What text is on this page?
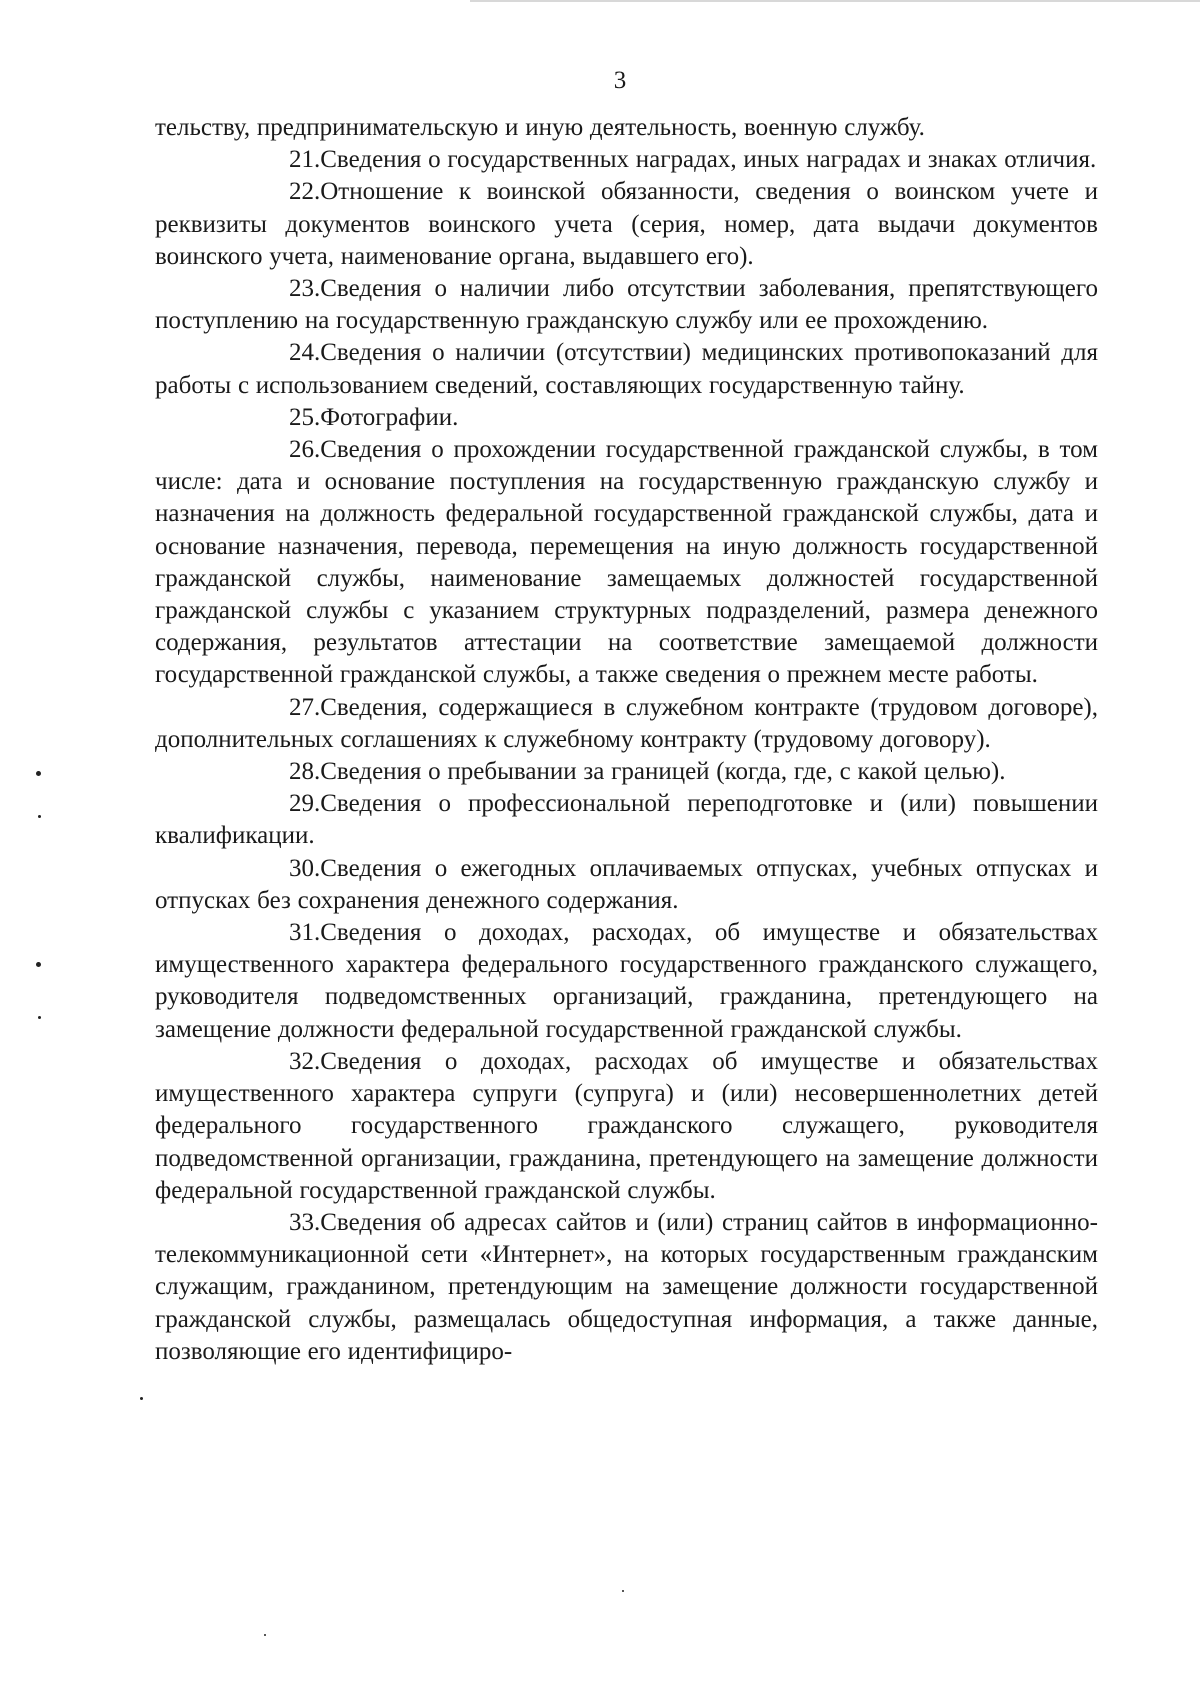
3

тельству, предпринимательскую и иную деятельность, военную службу.

21.Сведения о государственных наградах, иных наградах и знаках отличия.

22.Отношение к воинской обязанности, сведения о воинском учете и реквизиты документов воинского учета (серия, номер, дата выдачи документов воинского учета, наименование органа, выдавшего его).

23.Сведения о наличии либо отсутствии заболевания, препятствующего поступлению на государственную гражданскую службу или ее прохождению.

24.Сведения о наличии (отсутствии) медицинских противопоказаний для работы с использованием сведений, составляющих государственную тайну.

25.Фотографии.

26.Сведения о прохождении государственной гражданской службы, в том числе: дата и основание поступления на государственную гражданскую службу и назначения на должность федеральной государственной гражданской службы, дата и основание назначения, перевода, перемещения на иную должность государственной гражданской службы, наименование замещаемых должностей государственной гражданской службы с указанием структурных подразделений, размера денежного содержания, результатов аттестации на соответствие замещаемой должности государственной гражданской службы, а также сведения о прежнем месте работы.

27.Сведения, содержащиеся в служебном контракте (трудовом договоре), дополнительных соглашениях к служебному контракту (трудовому договору).

28.Сведения о пребывании за границей (когда, где, с какой целью).

29.Сведения о профессиональной переподготовке и (или) повышении квалификации.

30.Сведения о ежегодных оплачиваемых отпусках, учебных отпусках и отпусках без сохранения денежного содержания.

31.Сведения о доходах, расходах, об имуществе и обязательствах имущественного характера федерального государственного гражданского служащего, руководителя подведомственных организаций, гражданина, претендующего на замещение должности федеральной государственной гражданской службы.

32.Сведения о доходах, расходах об имуществе и обязательствах имущественного характера супруги (супруга) и (или) несовершеннолетних детей федерального государственного гражданского служащего, руководителя подведомственной организации, гражданина, претендующего на замещение должности федеральной государственной гражданской службы.

33.Сведения об адресах сайтов и (или) страниц сайтов в информационно-телекоммуникационной сети «Интернет», на которых государственным гражданским служащим, гражданином, претендующим на замещение должности государственной гражданской службы, размещалась общедоступная информация, а также данные, позволяющие его идентифициро-
